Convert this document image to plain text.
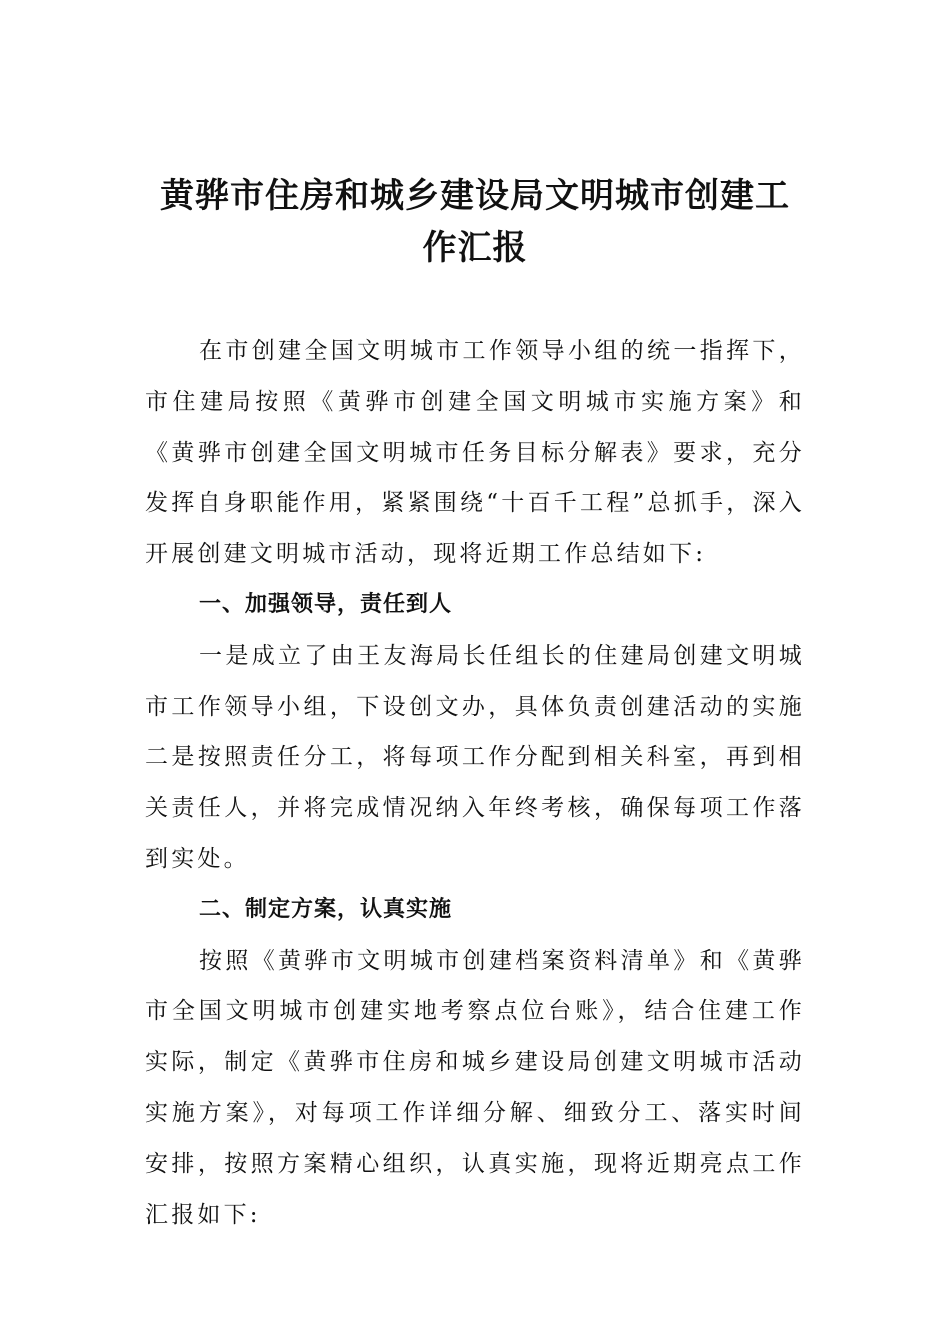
黄骅市住房和城乡建设局文明城市创建工
作汇报

在市创建全国文明城市工作领导小组的统一指挥下，市住建局按照《黄骅市创建全国文明城市实施方案》和《黄骅市创建全国文明城市任务目标分解表》要求，充分发挥自身职能作用，紧紧围绕“十百千工程”总抓手，深入开展创建文明城市活动，现将近期工作总结如下:

一、加强领导，责任到人

一是成立了由王友海局长任组长的住建局创建文明城市工作领导小组，下设创文办，具体负责创建活动的实施二是按照责任分工，将每项工作分配到相关科室，再到相关责任人，并将完成情况纳入年终考核，确保每项工作落到实处。

二、制定方案，认真实施

按照《黄骅市文明城市创建档案资料清单》和《黄骅市全国文明城市创建实地考察点位台账》，结合住建工作实际，制定《黄骅市住房和城乡建设局创建文明城市活动实施方案》，对每项工作详细分解、细致分工、落实时间安排，按照方案精心组织，认真实施，现将近期亮点工作汇报如下:
